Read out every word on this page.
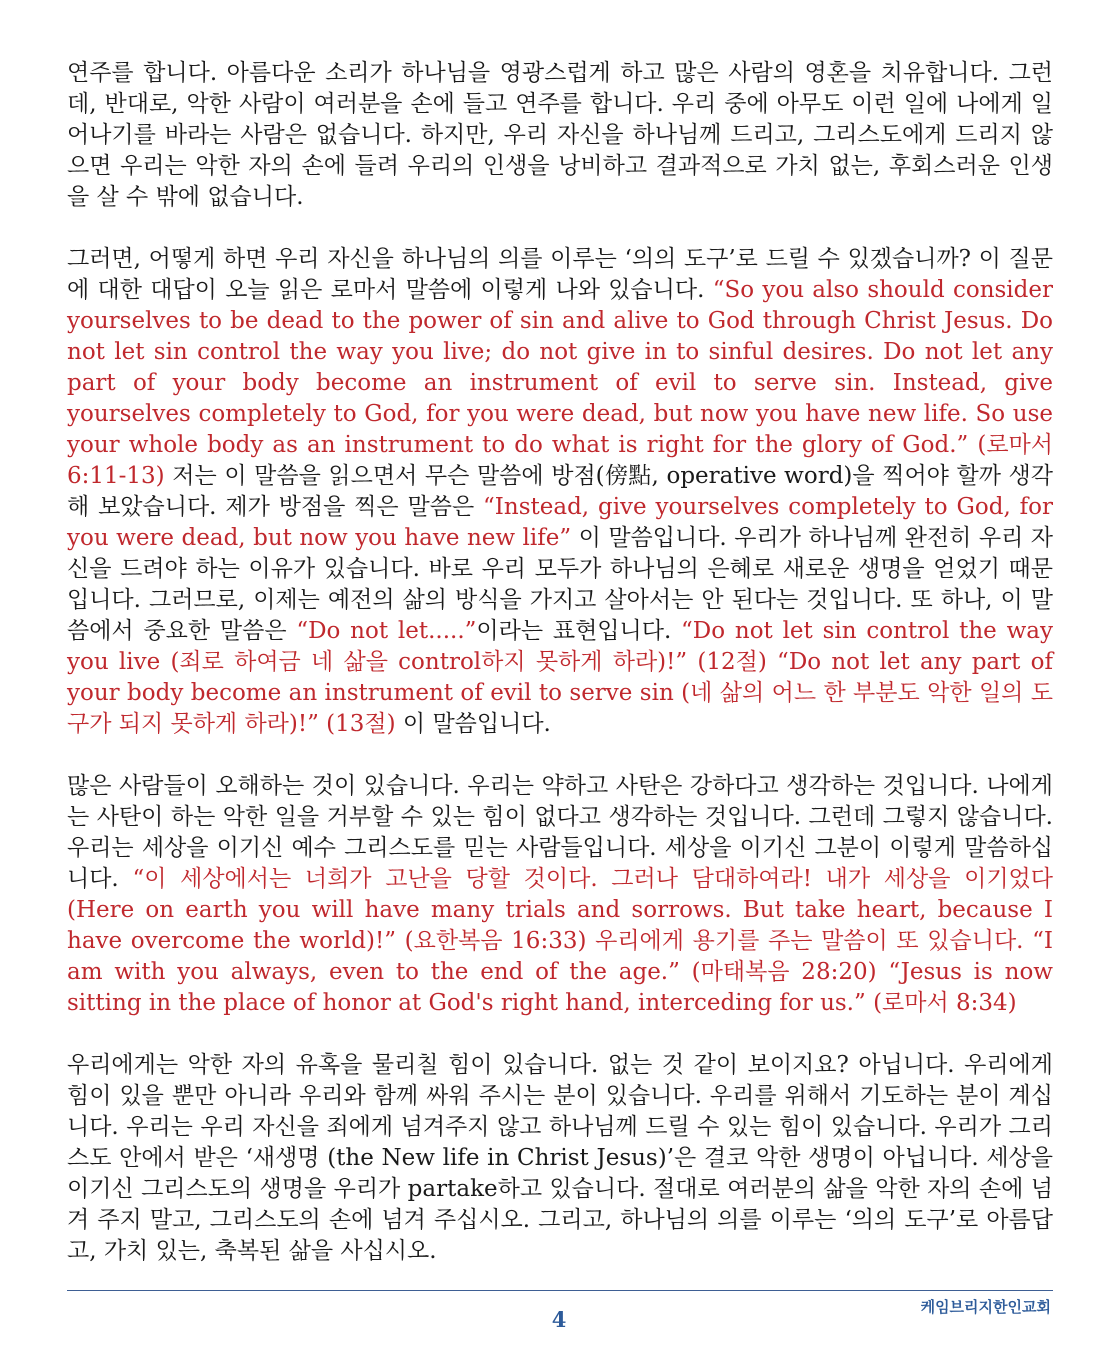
연주를 합니다. 아름다운 소리가 하나님을 영광스럽게 하고 많은 사람의 영혼을 치유합니다. 그런데, 반대로, 악한 사람이 여러분을 손에 들고 연주를 합니다. 우리 중에 아무도 이런 일에 나에게 일어나기를 바라는 사람은 없습니다. 하지만, 우리 자신을 하나님께 드리고, 그리스도에게 드리지 않으면 우리는 악한 자의 손에 들려 우리의 인생을 낭비하고 결과적으로 가치 없는, 후회스러운 인생을 살 수 밖에 없습니다.

그러면, 어떻게 하면 우리 자신을 하나님의 의를 이루는 ‘의의 도구’로 드릴 수 있겠습니까? 이 질문에 대한 대답이 오늘 읽은 로마서 말씀에 이렇게 나와 있습니다. “So you also should consider yourselves to be dead to the power of sin and alive to God through Christ Jesus. Do not let sin control the way you live; do not give in to sinful desires. Do not let any part of your body become an instrument of evil to serve sin. Instead, give yourselves completely to God, for you were dead, but now you have new life. So use your whole body as an instrument to do what is right for the glory of God.” (로마서 6:11-13) 저는 이 말씀을 읽으면서 무슨 말씀에 방점(傍點, operative word)을 찍어야 할까 생각해 보았습니다. 제가 방점을 찍은 말씀은 “Instead, give yourselves completely to God, for you were dead, but now you have new life” 이 말씀입니다. 우리가 하나님께 완전히 우리 자신을 드려야 하는 이유가 있습니다. 바로 우리 모두가 하나님의 은혜로 새로운 생명을 얻었기 때문입니다. 그러므로, 이제는 예전의 삶의 방식을 가지고 살아서는 안 된다는 것입니다. 또 하나, 이 말씀에서 중요한 말씀은 “Do not let.....”이라는 표현입니다. “Do not let sin control the way you live (죄로 하여금 네 삶을 control하지 못하게 하라)!” (12절) “Do not let any part of your body become an instrument of evil to serve sin (네 삶의 어느 한 부분도 악한 일의 도구가 되지 못하게 하라)!” (13절) 이 말씀입니다.

많은 사람들이 오해하는 것이 있습니다. 우리는 약하고 사탄은 강하다고 생각하는 것입니다. 나에게는 사탄이 하는 악한 일을 거부할 수 있는 힘이 없다고 생각하는 것입니다. 그런데 그렇지 않습니다. 우리는 세상을 이기신 예수 그리스도를 믿는 사람들입니다. 세상을 이기신 그분이 이렇게 말씀하십니다. “이 세상에서는 너희가 고난을 당할 것이다. 그러나 담대하여라! 내가 세상을 이기었다 (Here on earth you will have many trials and sorrows. But take heart, because I have overcome the world)!” (요한복음 16:33) 우리에게 용기를 주는 말씀이 또 있습니다. “I am with you always, even to the end of the age.” (마태복음 28:20) “Jesus is now sitting in the place of honor at God's right hand, interceding for us.” (로마서 8:34)

우리에게는 악한 자의 유혹을 물리칠 힘이 있습니다. 없는 것 같이 보이지요? 아닙니다. 우리에게 힘이 있을 뿐만 아니라 우리와 함께 싸워 주시는 분이 있습니다. 우리를 위해서 기도하는 분이 계십니다. 우리는 우리 자신을 죄에게 넘겨주지 않고 하나님께 드릴 수 있는 힘이 있습니다. 우리가 그리스도 안에서 받은 ‘새생명 (the New life in Christ Jesus)’은 결코 악한 생명이 아닙니다. 세상을 이기신 그리스도의 생명을 우리가 partake하고 있습니다. 절대로 여러분의 삶을 악한 자의 손에 넘겨 주지 말고, 그리스도의 손에 넘겨 주십시오. 그리고, 하나님의 의를 이루는 ‘의의 도구’로 아름답고, 가치 있는, 축복된 삶을 사십시오.

4	케임브리지한인교회
